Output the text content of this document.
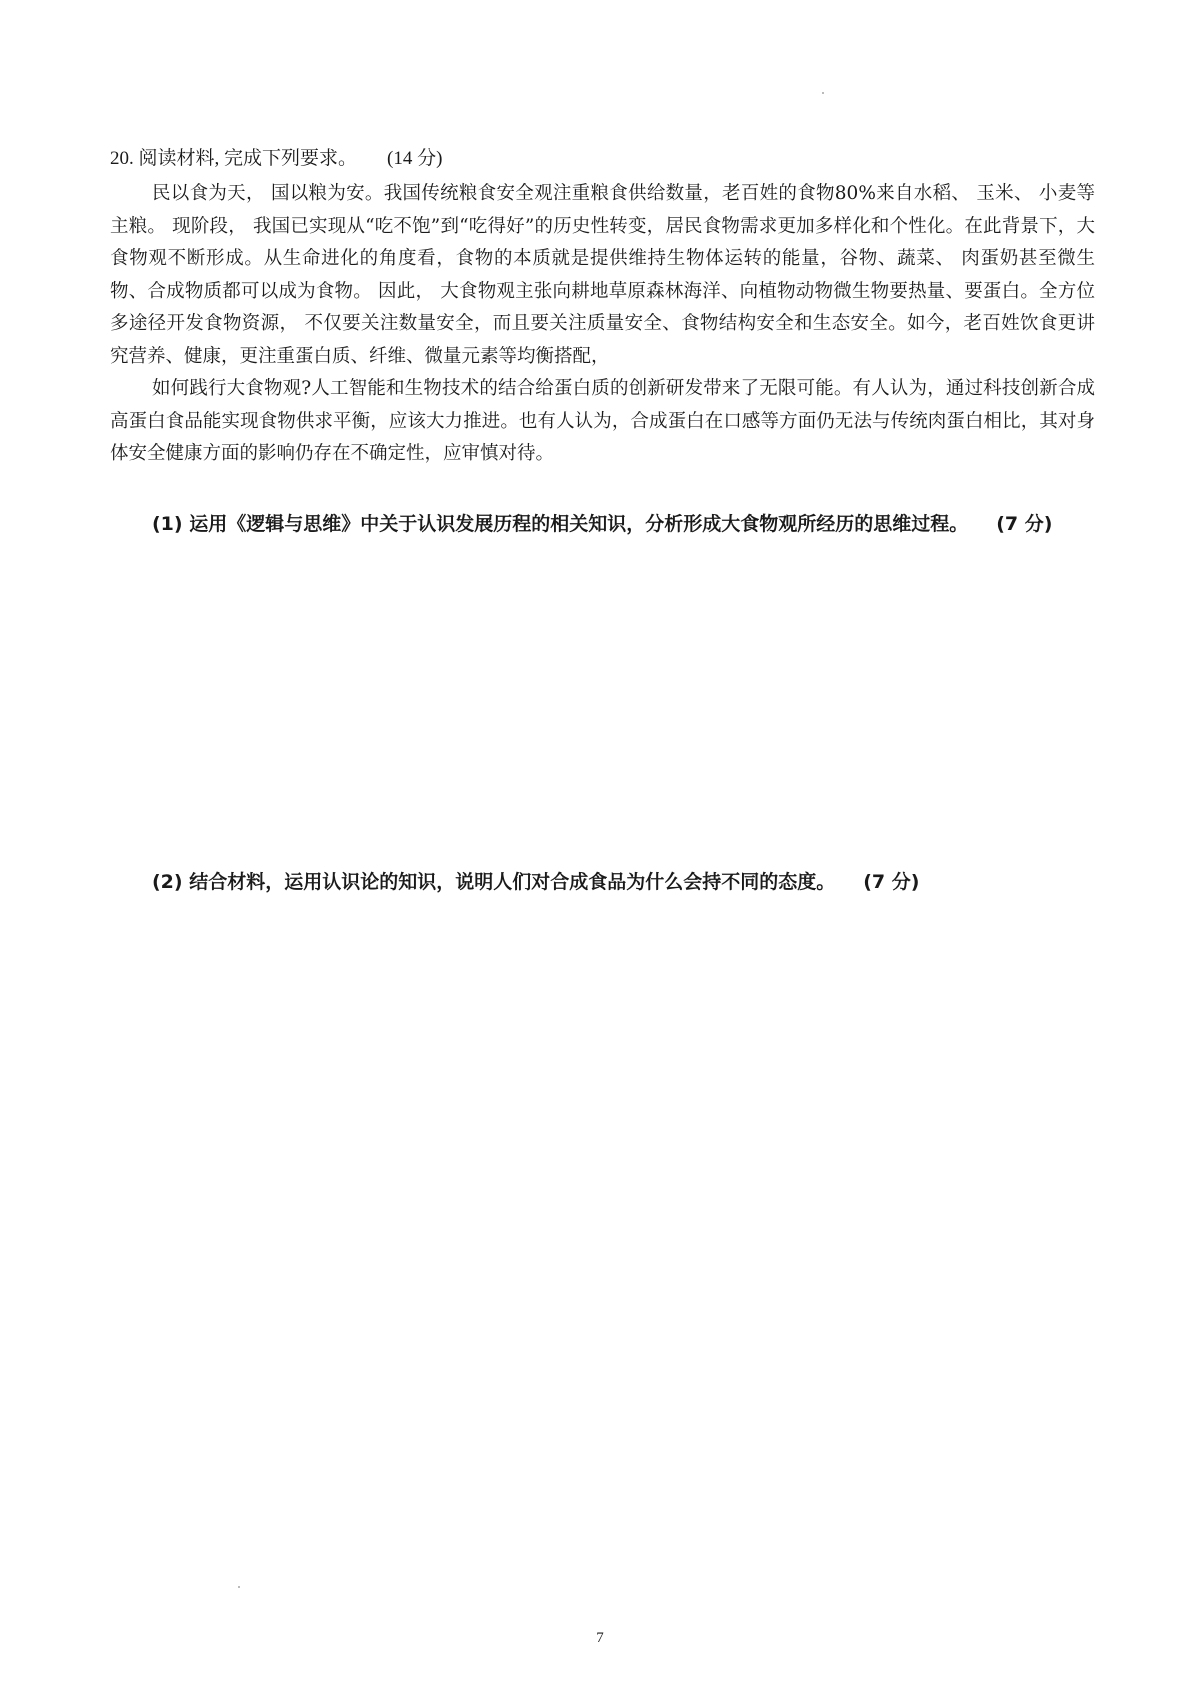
20. 阅读材料, 完成下列要求。 (14 分)

民以食为天， 国以粮为安。我国传统粮食安全观注重粮食供给数量，老百姓的食物80%来自水稻、 玉米、 小麦等主粮。 现阶段， 我国已实现从“吃不饱”到“吃得好”的历史性转变，居民食物需求更加多样化和个性化。在此背景下，大食物观不断形成。从生命进化的角度看，食物的本质就是提供维持生物体运转的能量，谷物、蔬菜、 肉蛋奶甚至微生物、合成物质都可以成为食物。 因此， 大食物观主张向耕地草原森林海洋、向植物动物微生物要热量、要蛋白。全方位多途径开发食物资源， 不仅要关注数量安全，而且要关注质量安全、食物结构安全和生态安全。如今，老百姓饮食更讲究营养、健康，更注重蛋白质、纤维、微量元素等均衡搭配，

如何践行大食物观?人工智能和生物技术的结合给蛋白质的创新研发带来了无限可能。有人认为，通过科技创新合成高蛋白食品能实现食物供求平衡，应该大力推进。也有人认为，合成蛋白在口感等方面仍无法与传统肉蛋白相比，其对身体安全健康方面的影响仍存在不确定性，应审慎对待。

(1) 运用《逻辑与思维》中关于认识发展历程的相关知识，分析形成大食物观所经历的思维过程。 (7 分)
(2) 结合材料，运用认识论的知识，说明人们对合成食品为什么会持不同的态度。 (7 分)
7
